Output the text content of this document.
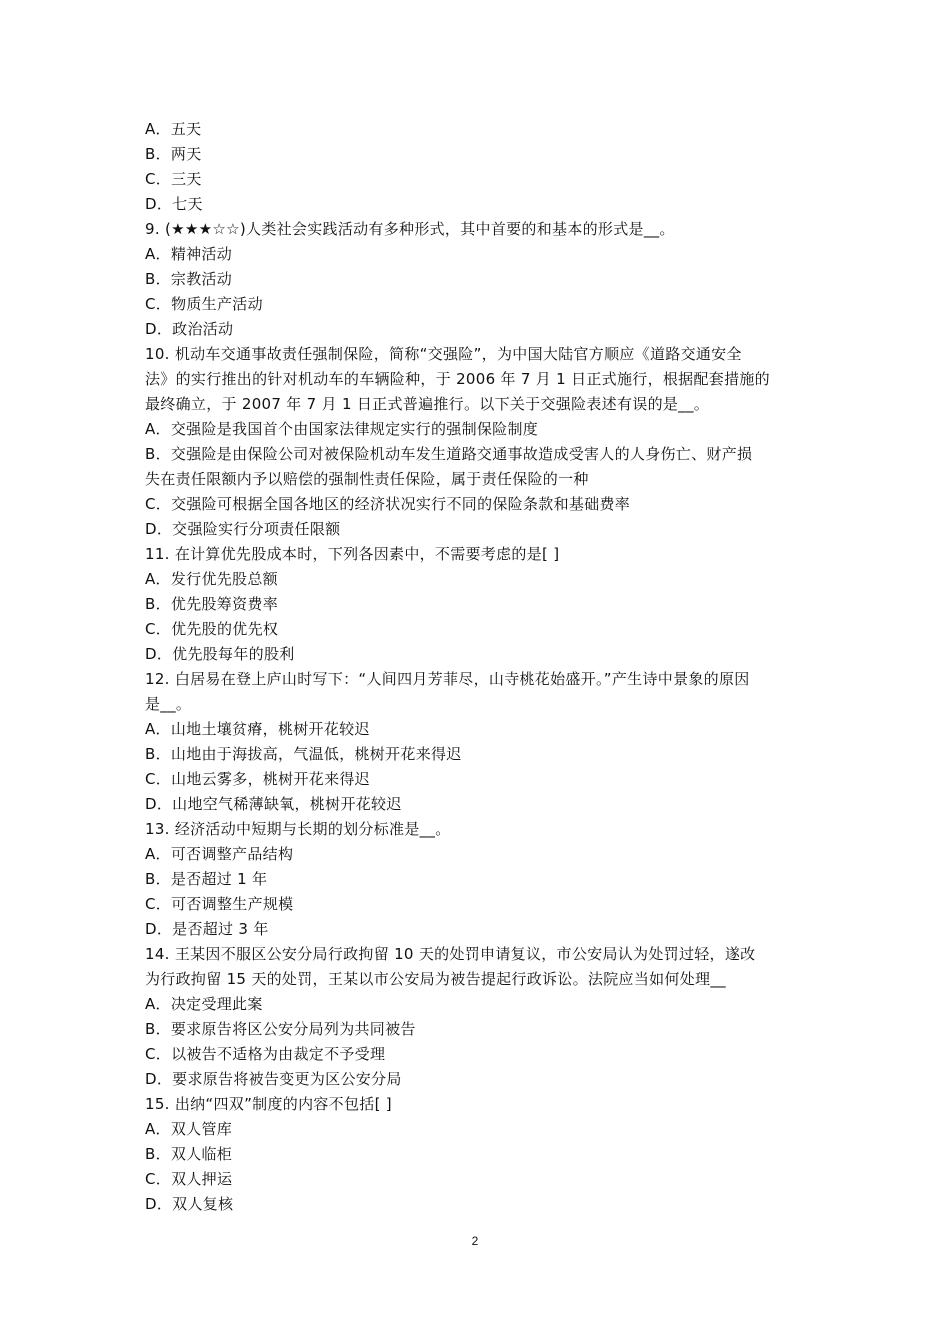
A．五天
B．两天
C．三天
D．七天
9. (★★★☆☆)人类社会实践活动有多种形式，其中首要的和基本的形式是__。
A．精神活动
B．宗教活动
C．物质生产活动
D．政治活动
10. 机动车交通事故责任强制保险，简称“交强险”，为中国大陆官方顺应《道路交通安全
法》的实行推出的针对机动车的车辆险种，于 2006 年 7 月 1 日正式施行，根据配套措施的
最终确立，于 2007 年 7 月 1 日正式普遍推行。以下关于交强险表述有误的是__。
A．交强险是我国首个由国家法律规定实行的强制保险制度
B．交强险是由保险公司对被保险机动车发生道路交通事故造成受害人的人身伤亡、财产损
失在责任限额内予以赔偿的强制性责任保险，属于责任保险的一种
C．交强险可根据全国各地区的经济状况实行不同的保险条款和基础费率
D．交强险实行分项责任限额
11. 在计算优先股成本时，下列各因素中，不需要考虑的是[ ]
A．发行优先股总额
B．优先股筹资费率
C．优先股的优先权
D．优先股每年的股利
12. 白居易在登上庐山时写下：“人间四月芳菲尽，山寺桃花始盛开。”产生诗中景象的原因
是__。
A．山地土壤贫瘠，桃树开花较迟
B．山地由于海拔高，气温低，桃树开花来得迟
C．山地云雾多，桃树开花来得迟
D．山地空气稀薄缺氧，桃树开花较迟
13. 经济活动中短期与长期的划分标准是__。
A．可否调整产品结构
B．是否超过 1 年
C．可否调整生产规模
D．是否超过 3 年
14. 王某因不服区公安分局行政拘留 10 天的处罚申请复议，市公安局认为处罚过轻，遂改
为行政拘留 15 天的处罚，王某以市公安局为被告提起行政诉讼。法院应当如何处理__
A．决定受理此案
B．要求原告将区公安分局列为共同被告
C．以被告不适格为由裁定不予受理
D．要求原告将被告变更为区公安分局
15. 出纳“四双”制度的内容不包括[ ]
A．双人管库
B．双人临柜
C．双人押运
D．双人复核
2
